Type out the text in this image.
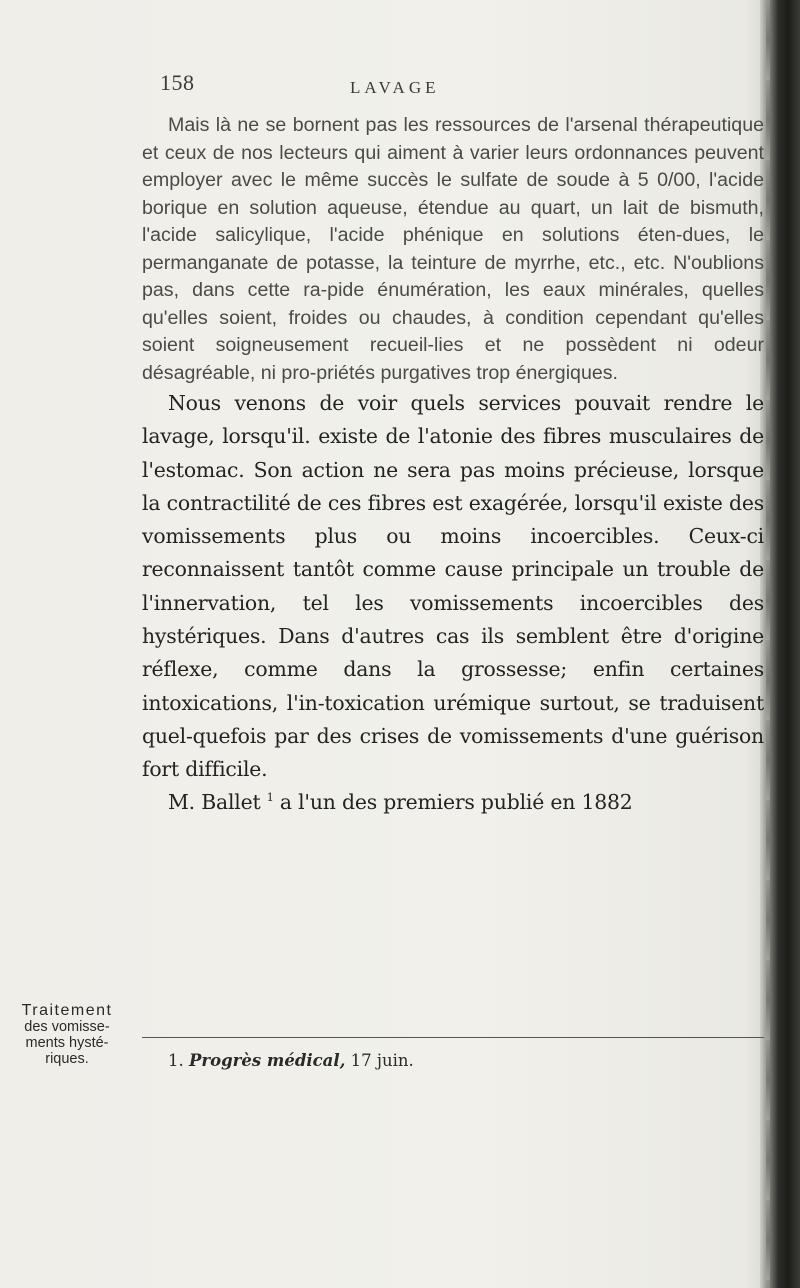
158	LAVAGE

Mais là ne se bornent pas les ressources de l'arsenal thérapeutique et ceux de nos lecteurs qui aiment à varier leurs ordonnances peuvent employer avec le même succès le sulfate de soude à 5 0/00, l'acide borique en solution aqueuse, étendue au quart, un lait de bismuth, l'acide salicylique, l'acide phénique en solutions éten-dues, le permanganate de potasse, la teinture de myrrhe, etc., etc. N'oublions pas, dans cette ra-pide énumération, les eaux minérales, quelles qu'elles soient, froides ou chaudes, à condition cependant qu'elles soient soigneusement recueil-lies et ne possèdent ni odeur désagréable, ni pro-priétés purgatives trop énergiques.

Nous venons de voir quels services pouvait rendre le lavage, lorsqu'il. existe de l'atonie des fibres musculaires de l'estomac. Son action ne sera pas moins précieuse, lorsque la contractilité de ces fibres est exagérée, lorsqu'il existe des vomissements plus ou moins incoercibles. Ceux-ci reconnaissent tantôt comme cause principale un trouble de l'innervation, tel les vomissements incoercibles des hystériques. Dans d'autres cas ils semblent être d'origine réflexe, comme dans la grossesse; enfin certaines intoxications, l'in-toxication urémique surtout, se traduisent quel-quefois par des crises de vomissements d'une guérison fort difficile.

M. Ballet $^1$ a l'un des premiers publié en 1882

Traitement
des vomisse-
ments hysté-
riques.	1. Progrès médical, 17 juin.
